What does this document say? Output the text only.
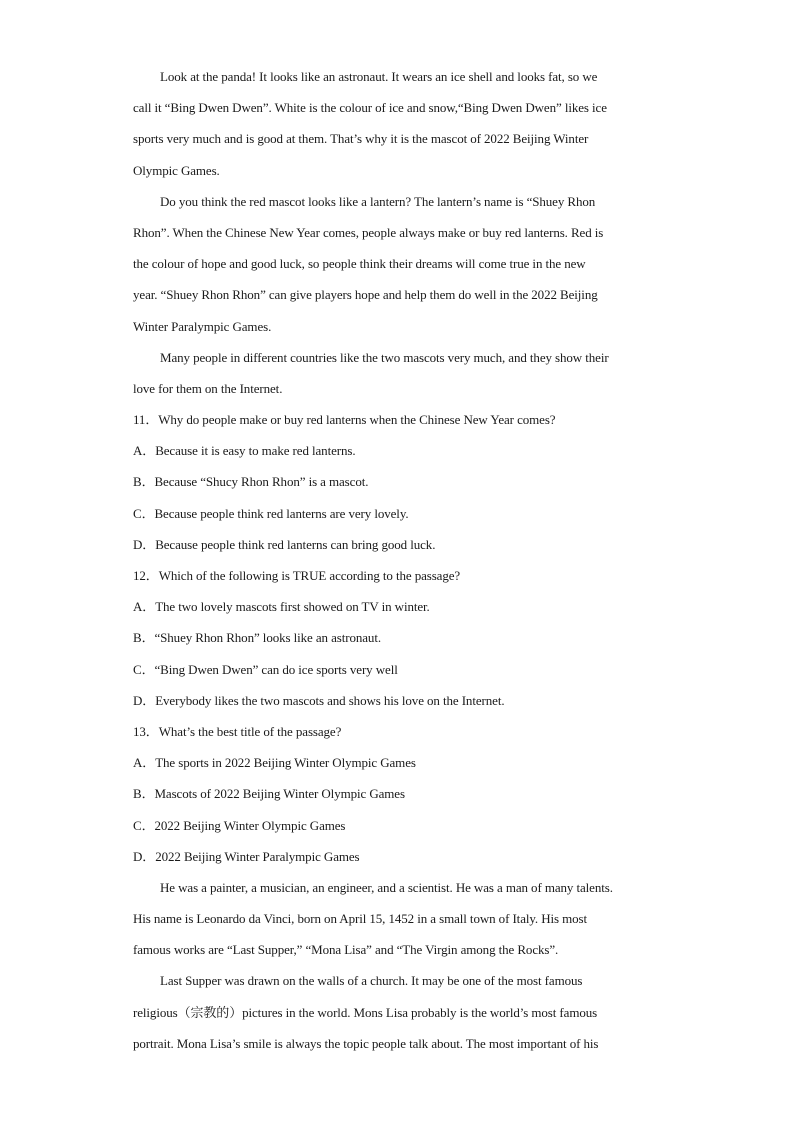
Look at the panda! It looks like an astronaut. It wears an ice shell and looks fat, so we
call it “Bing Dwen Dwen”. White is the colour of ice and snow,“Bing Dwen Dwen” likes ice
sports very much and is good at them. That’s why it is the mascot of 2022 Beijing Winter
Olympic Games.
Do you think the red mascot looks like a lantern? The lantern’s name is “Shuey Rhon
Rhon”. When the Chinese New Year comes, people always make or buy red lanterns. Red is
the colour of hope and good luck, so people think their dreams will come true in the new
year. “Shuey Rhon Rhon” can give players hope and help them do well in the 2022 Beijing
Winter Paralympic Games.
Many people in different countries like the two mascots very much, and they show their
love for them on the Internet.
11．Why do people make or buy red lanterns when the Chinese New Year comes?
A．Because it is easy to make red lanterns.
B．Because “Shucy Rhon Rhon” is a mascot.
C．Because people think red lanterns are very lovely.
D．Because people think red lanterns can bring good luck.
12．Which of the following is TRUE according to the passage?
A．The two lovely mascots first showed on TV in winter.
B．“Shuey Rhon Rhon” looks like an astronaut.
C．“Bing Dwen Dwen” can do ice sports very well
D．Everybody likes the two mascots and shows his love on the Internet.
13．What’s the best title of the passage?
A．The sports in 2022 Beijing Winter Olympic Games
B．Mascots of 2022 Beijing Winter Olympic Games
C．2022 Beijing Winter Olympic Games
D．2022 Beijing Winter Paralympic Games
He was a painter, a musician, an engineer, and a scientist. He was a man of many talents.
His name is Leonardo da Vinci, born on April 15, 1452 in a small town of Italy. His most
famous works are “Last Supper,” “Mona Lisa” and “The Virgin among the Rocks”.
Last Supper was drawn on the walls of a church. It may be one of the most famous
religious（宗教的）pictures in the world. Mons Lisa probably is the world’s most famous
portrait. Mona Lisa’s smile is always the topic people talk about. The most important of his
